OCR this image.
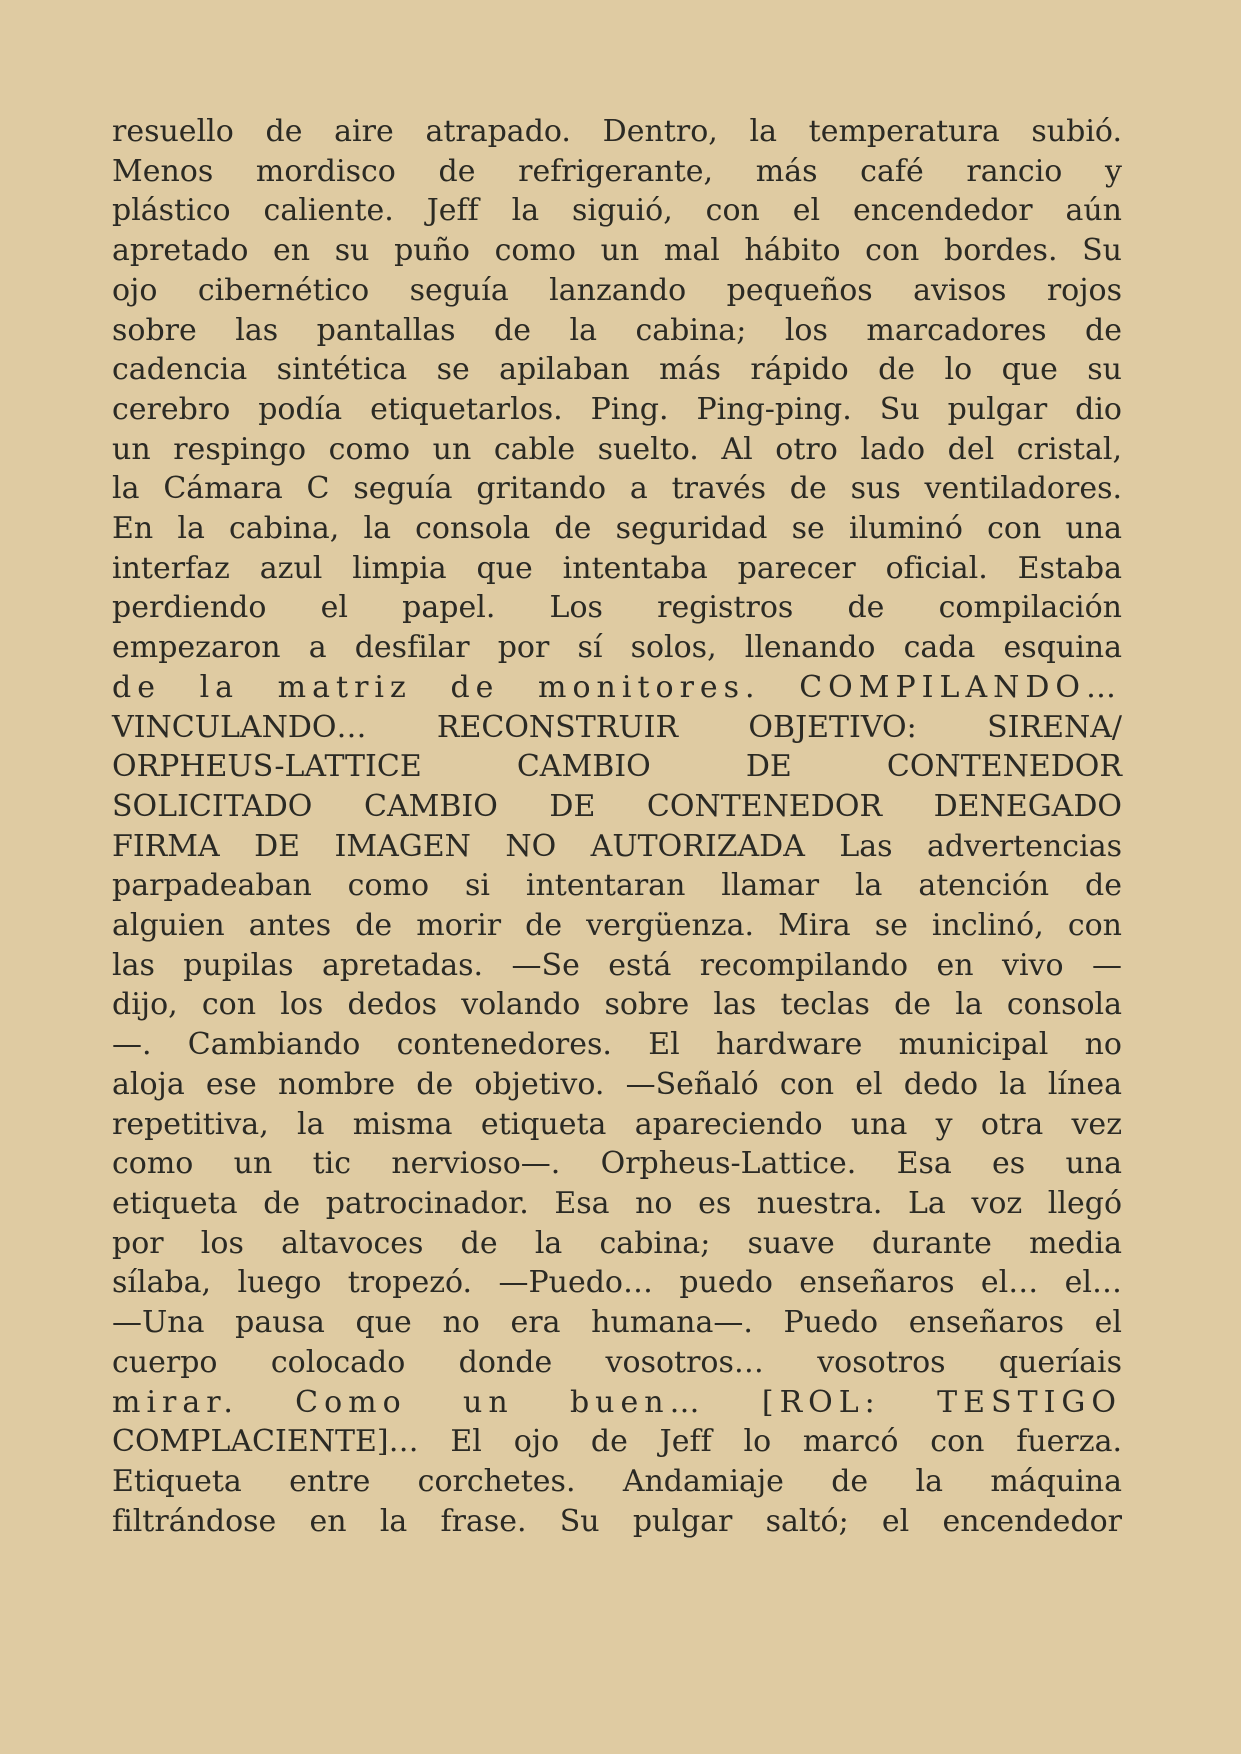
resuello de aire atrapado. Dentro, la temperatura subió.
Menos mordisco de refrigerante, más café rancio y
plástico caliente. Jeff la siguió, con el encendedor aún
apretado en su puño como un mal hábito con bordes. Su
ojo cibernético seguía lanzando pequeños avisos rojos
sobre las pantallas de la cabina; los marcadores de
cadencia sintética se apilaban más rápido de lo que su
cerebro podía etiquetarlos. Ping. Ping-ping. Su pulgar dio
un respingo como un cable suelto. Al otro lado del cristal,
la Cámara C seguía gritando a través de sus ventiladores.
En la cabina, la consola de seguridad se iluminó con una
interfaz azul limpia que intentaba parecer oficial. Estaba
perdiendo el papel. Los registros de compilación
empezaron a desfilar por sí solos, llenando cada esquina
de la matriz de monitores. COMPILANDO…
VINCULANDO… RECONSTRUIR OBJETIVO: SIRENA/
ORPHEUS-LATTICE CAMBIO DE CONTENEDOR
SOLICITADO CAMBIO DE CONTENEDOR DENEGADO
FIRMA DE IMAGEN NO AUTORIZADA Las advertencias
parpadeaban como si intentaran llamar la atención de
alguien antes de morir de vergüenza. Mira se inclinó, con
las pupilas apretadas. —Se está recompilando en vivo —
dijo, con los dedos volando sobre las teclas de la consola
—. Cambiando contenedores. El hardware municipal no
aloja ese nombre de objetivo. —Señaló con el dedo la línea
repetitiva, la misma etiqueta apareciendo una y otra vez
como un tic nervioso—. Orpheus-Lattice. Esa es una
etiqueta de patrocinador. Esa no es nuestra. La voz llegó
por los altavoces de la cabina; suave durante media
sílaba, luego tropezó. —Puedo… puedo enseñaros el… el…
—Una pausa que no era humana—. Puedo enseñaros el
cuerpo colocado donde vosotros… vosotros queríais
mirar. Como un buen… [ROL: TESTIGO
COMPLACIENTE]… El ojo de Jeff lo marcó con fuerza.
Etiqueta entre corchetes. Andamiaje de la máquina
filtrándose en la frase. Su pulgar saltó; el encendedor
